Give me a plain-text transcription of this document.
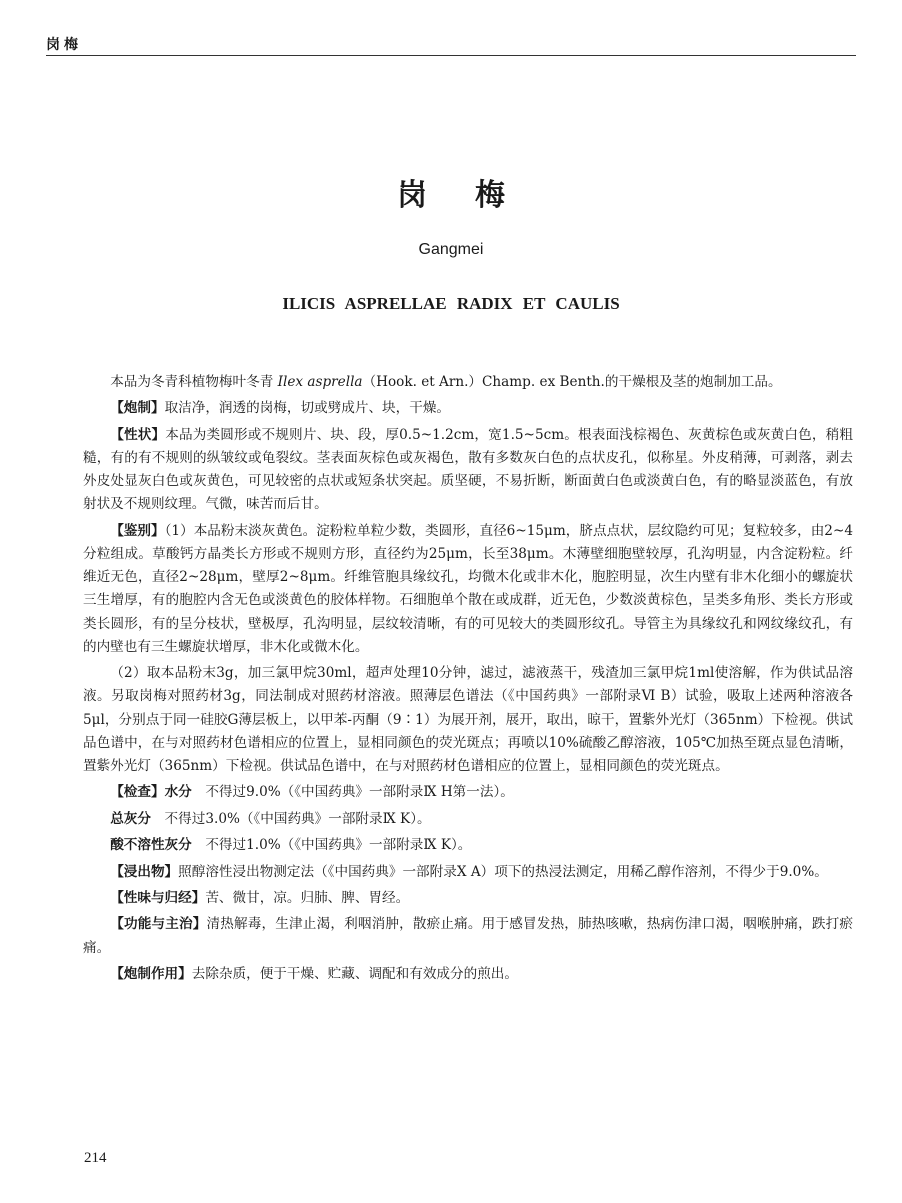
岗梅
岗梅
Gangmei
ILICIS ASPRELLAE RADIX ET CAULIS

本品为冬青科植物梅叶冬青 Ilex asprella（Hook. et Arn.）Champ. ex Benth.的干燥根及茎的炮制加工品。

【炮制】取洁净，润透的岗梅，切或劈成片、块，干燥。

【性状】本品为类圆形或不规则片、块、段，厚0.5~1.2cm，宽1.5~5cm。根表面浅棕褐色、灰黄棕色或灰黄白色，稍粗糙，有的有不规则的纵皱纹或龟裂纹。茎表面灰棕色或灰褐色，散有多数灰白色的点状皮孔，似称星。外皮稍薄，可剥落，剥去外皮处显灰白色或灰黄色，可见较密的点状或短条状突起。质坚硬，不易折断，断面黄白色或淡黄白色，有的略显淡蓝色，有放射状及不规则纹理。气微，味苦而后甘。

【鉴别】（1）本品粉末淡灰黄色。淀粉粒单粒少数，类圆形，直径6~15μm，脐点点状，层纹隐约可见；复粒较多，由2~4分粒组成。草酸钙方晶类长方形或不规则方形，直径约为25μm，长至38μm。木薄壁细胞壁较厚，孔沟明显，内含淀粉粒。纤维近无色，直径2~28μm，壁厚2~8μm。纤维管胞具缘纹孔，均微木化或非木化，胞腔明显，次生内壁有非木化细小的螺旋状三生增厚，有的胞腔内含无色或淡黄色的胶体样物。石细胞单个散在或成群，近无色，少数淡黄棕色，呈类多角形、类长方形或类长圆形，有的呈分枝状，壁极厚，孔沟明显，层纹较清晰，有的可见较大的类圆形纹孔。导管主为具缘纹孔和网纹缘纹孔，有的内壁也有三生螺旋状增厚，非木化或微木化。

（2）取本品粉末3g，加三氯甲烷30ml，超声处理10分钟，滤过，滤液蒸干，残渣加三氯甲烷1ml使溶解，作为供试品溶液。另取岗梅对照药材3g，同法制成对照药材溶液。照薄层色谱法（《中国药典》一部附录Ⅵ B）试验，吸取上述两种溶液各5μl，分别点于同一硅胶G薄层板上，以甲苯-丙酮（9∶1）为展开剂，展开，取出，晾干，置紫外光灯（365nm）下检视。供试品色谱中，在与对照药材色谱相应的位置上，显相同颜色的荧光斑点；再喷以10%硫酸乙醇溶液，105℃加热至斑点显色清晰，置紫外光灯（365nm）下检视。供试品色谱中，在与对照药材色谱相应的位置上，显相同颜色的荧光斑点。

【检查】水分　不得过9.0%（《中国药典》一部附录Ⅸ H第一法）。

总灰分　不得过3.0%（《中国药典》一部附录Ⅸ K）。

酸不溶性灰分　不得过1.0%（《中国药典》一部附录Ⅸ K）。

【浸出物】照醇溶性浸出物测定法（《中国药典》一部附录Ⅹ A）项下的热浸法测定，用稀乙醇作溶剂，不得少于9.0%。

【性味与归经】苦、微甘，凉。归肺、脾、胃经。

【功能与主治】清热解毒，生津止渴，利咽消肿，散瘀止痛。用于感冒发热，肺热咳嗽，热病伤津口渴，咽喉肿痛，跌打瘀痛。

【炮制作用】去除杂质，便于干燥、贮藏、调配和有效成分的煎出。

214
